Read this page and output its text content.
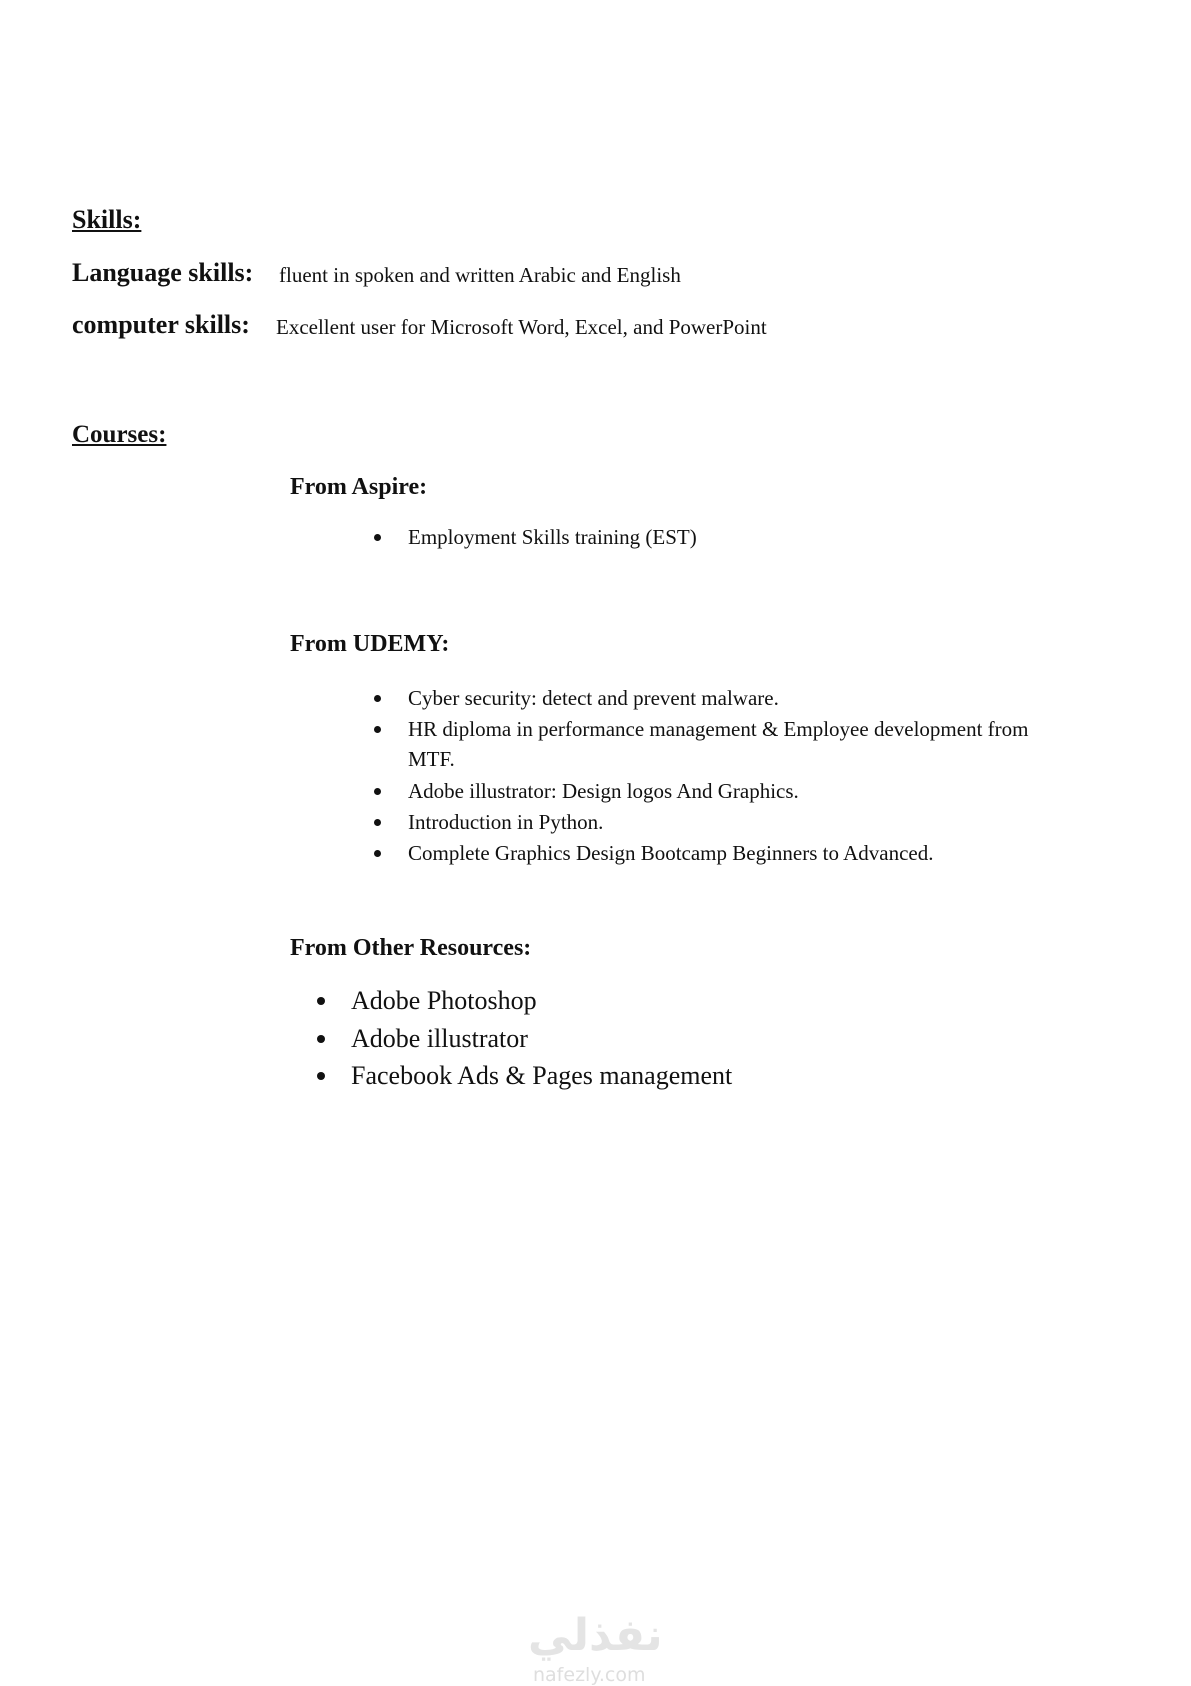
Skills:
Language skills: fluent in spoken and written Arabic and English
computer skills: Excellent user for Microsoft Word, Excel, and PowerPoint
Courses:
From Aspire:
Employment Skills training (EST)
From UDEMY:
Cyber security: detect and prevent malware.
HR diploma in performance management & Employee development from
MTF.
Adobe illustrator: Design logos And Graphics.
Introduction in Python.
Complete Graphics Design Bootcamp Beginners to Advanced.
From Other Resources:
Adobe Photoshop
Adobe illustrator
Facebook Ads & Pages management
نفذلي
nafezly.com
